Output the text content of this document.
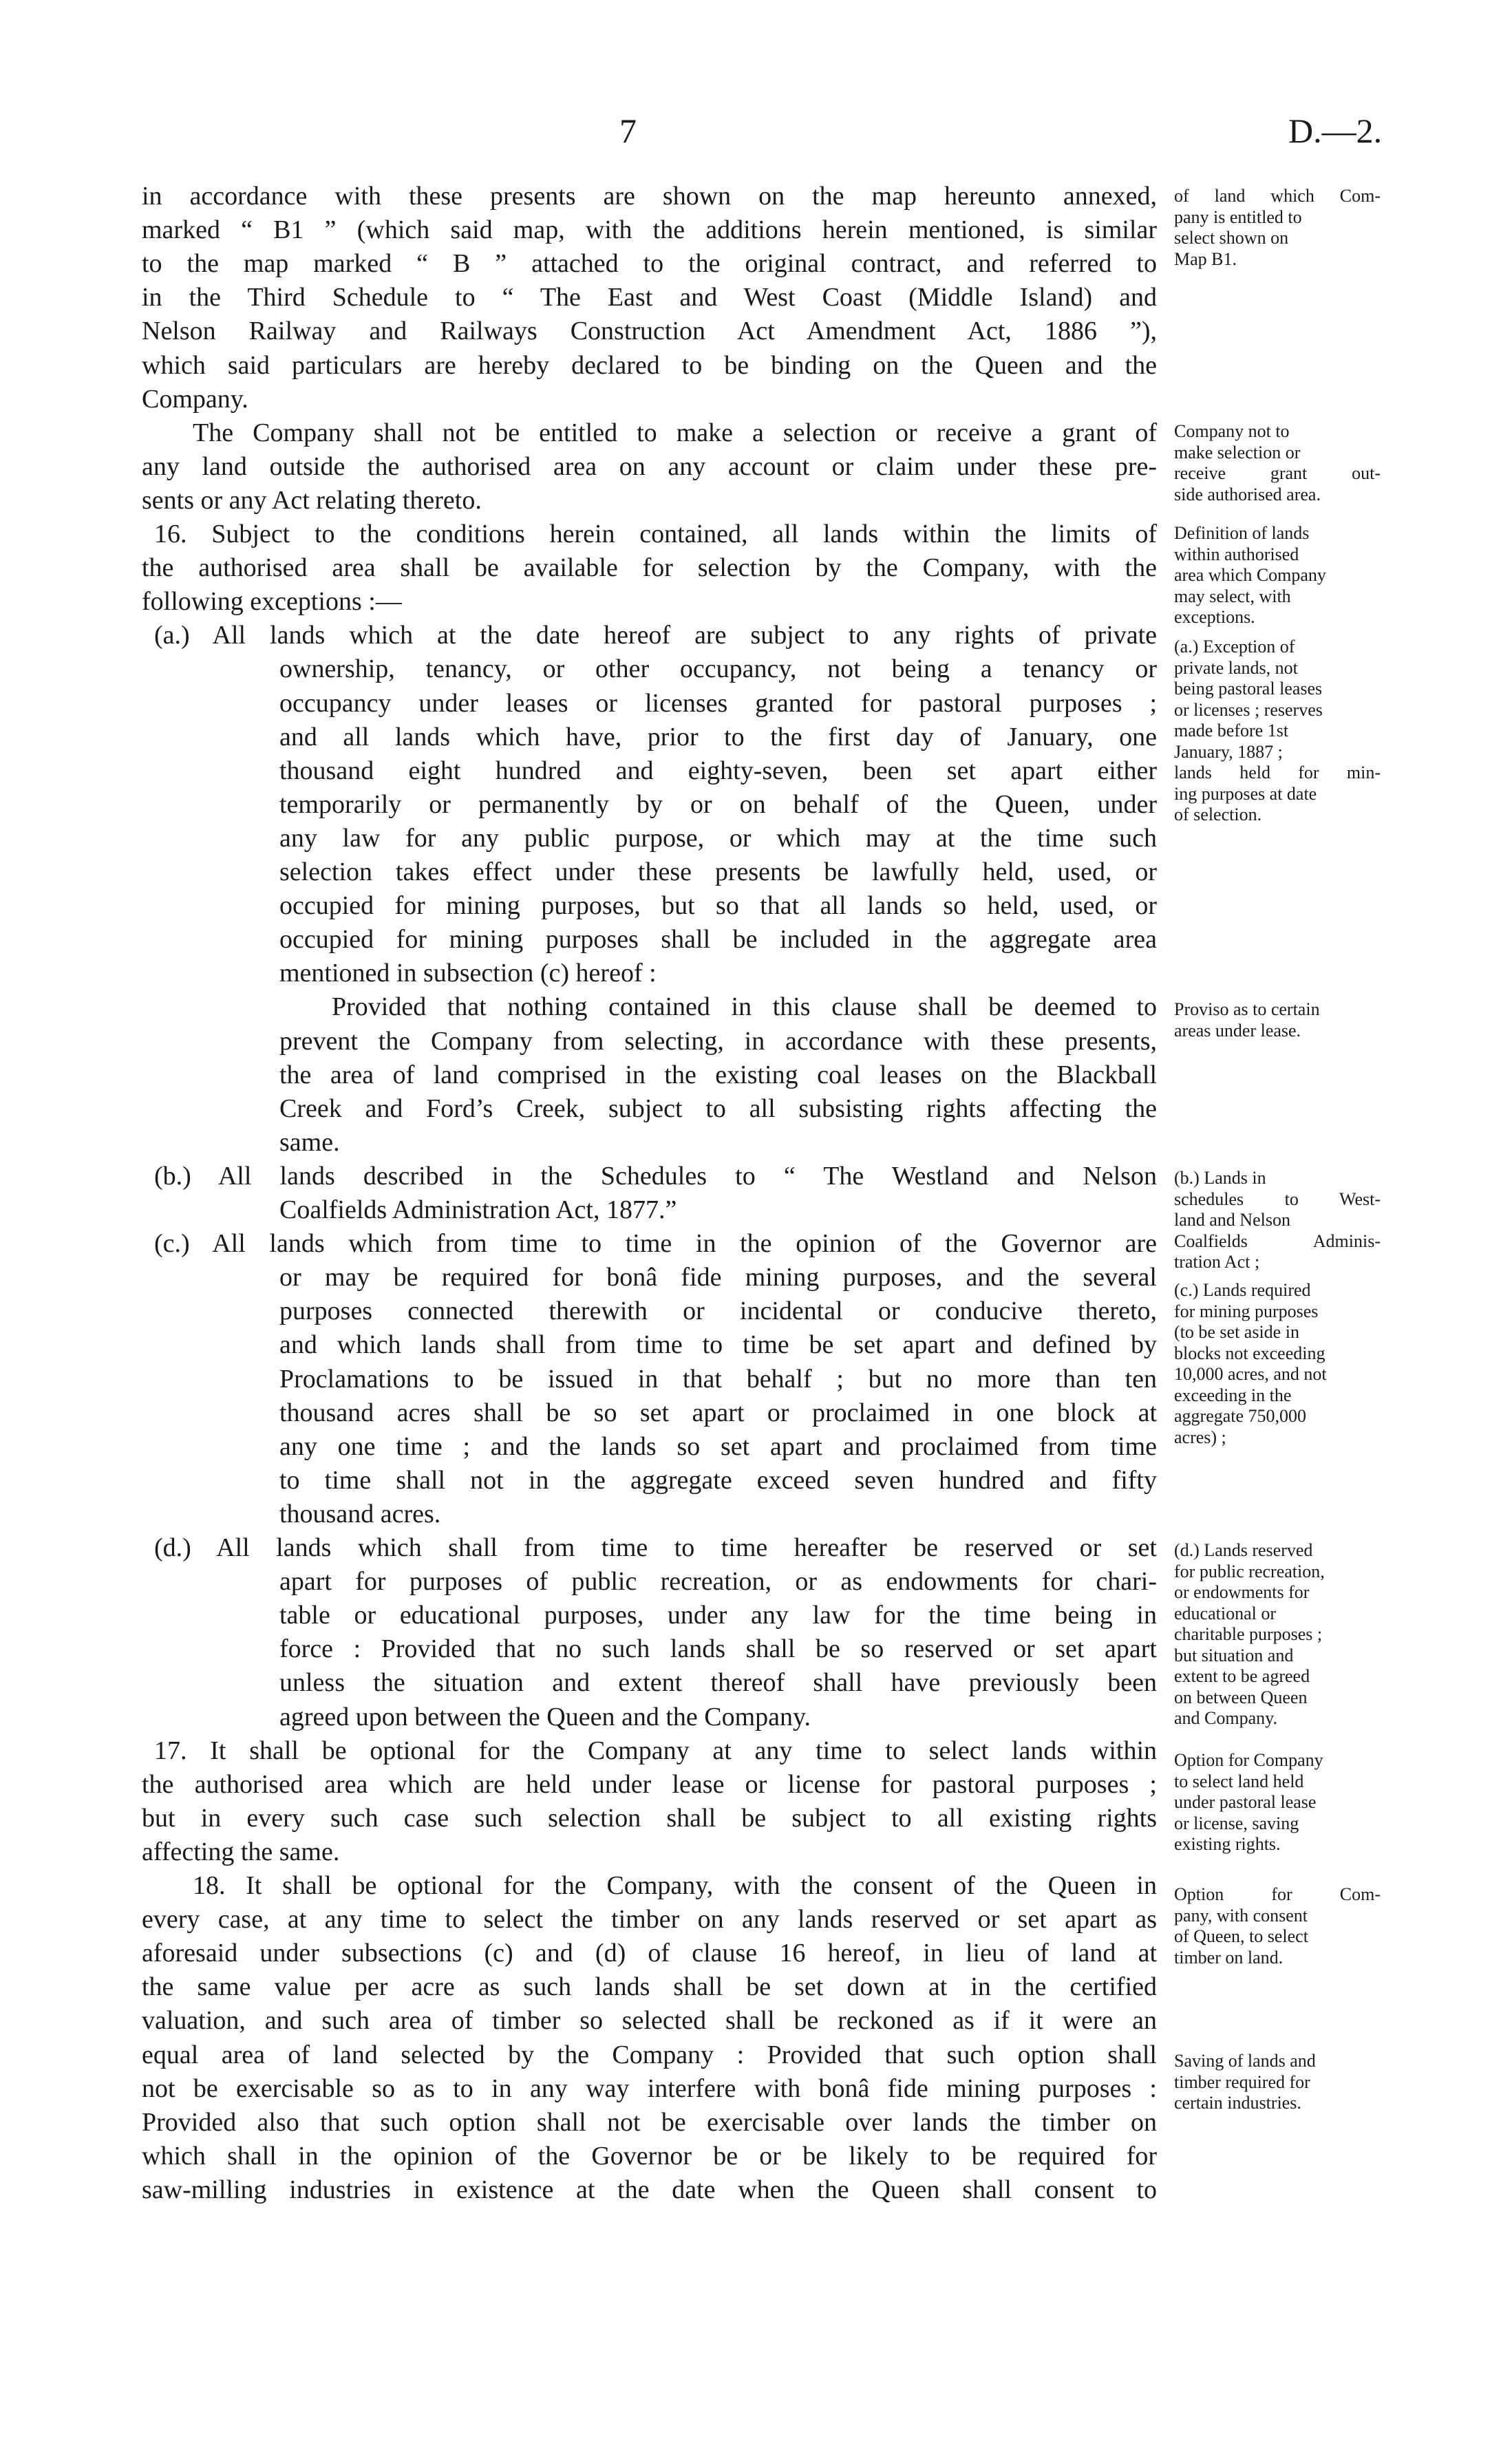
7	D.—2.
in accordance with these presents are shown on the map hereunto annexed,
marked “ B1 ” (which said map, with the additions herein mentioned, is similar
to the map marked “ B ” attached to the original contract, and referred to
in the Third Schedule to “ The East and West Coast (Middle Island) and
Nelson Railway and Railways Construction Act Amendment Act, 1886 ”),
which said particulars are hereby declared to be binding on the Queen and the
Company.
The Company shall not be entitled to make a selection or receive a grant of
any land outside the authorised area on any account or claim under these pre-
sents or any Act relating thereto.
16. Subject to the conditions herein contained, all lands within the limits of
the authorised area shall be available for selection by the Company, with the
following exceptions :—
(a.) All lands which at the date hereof are subject to any rights of private
ownership, tenancy, or other occupancy, not being a tenancy or
occupancy under leases or licenses granted for pastoral purposes ;
and all lands which have, prior to the first day of January, one
thousand eight hundred and eighty-seven, been set apart either
temporarily or permanently by or on behalf of the Queen, under
any law for any public purpose, or which may at the time such
selection takes effect under these presents be lawfully held, used, or
occupied for mining purposes, but so that all lands so held, used, or
occupied for mining purposes shall be included in the aggregate area
mentioned in subsection (c) hereof :
Provided that nothing contained in this clause shall be deemed to
prevent the Company from selecting, in accordance with these presents,
the area of land comprised in the existing coal leases on the Blackball
Creek and Ford’s Creek, subject to all subsisting rights affecting the
same.
(b.) All lands described in the Schedules to “ The Westland and Nelson
Coalfields Administration Act, 1877.”
(c.) All lands which from time to time in the opinion of the Governor are
or may be required for bonâ fide mining purposes, and the several
purposes connected therewith or incidental or conducive thereto,
and which lands shall from time to time be set apart and defined by
Proclamations to be issued in that behalf ; but no more than ten
thousand acres shall be so set apart or proclaimed in one block at
any one time ; and the lands so set apart and proclaimed from time
to time shall not in the aggregate exceed seven hundred and fifty
thousand acres.
(d.) All lands which shall from time to time hereafter be reserved or set
apart for purposes of public recreation, or as endowments for chari-
table or educational purposes, under any law for the time being in
force : Provided that no such lands shall be so reserved or set apart
unless the situation and extent thereof shall have previously been
agreed upon between the Queen and the Company.
17. It shall be optional for the Company at any time to select lands within
the authorised area which are held under lease or license for pastoral purposes ;
but in every such case such selection shall be subject to all existing rights
affecting the same.
18. It shall be optional for the Company, with the consent of the Queen in
every case, at any time to select the timber on any lands reserved or set apart as
aforesaid under subsections (c) and (d) of clause 16 hereof, in lieu of land at
the same value per acre as such lands shall be set down at in the certified
valuation, and such area of timber so selected shall be reckoned as if it were an
equal area of land selected by the Company : Provided that such option shall
not be exercisable so as to in any way interfere with bonâ fide mining purposes :
Provided also that such option shall not be exercisable over lands the timber on
which shall in the opinion of the Governor be or be likely to be required for
saw-milling industries in existence at the date when the Queen shall consent to
of land which Com-
pany is entitled to
select shown on
Map B1.
Company not to
make selection or
receive grant out-
side authorised area.
Definition of lands
within authorised
area which Company
may select, with
exceptions.
(a.) Exception of
private lands, not
being pastoral leases
or licenses ; reserves
made before 1st
January, 1887 ;
lands held for min-
ing purposes at date
of selection.
Proviso as to certain
areas under lease.
(b.) Lands in
schedules to West-
land and Nelson
Coalfields Adminis-
tration Act ;
(c.) Lands required
for mining purposes
(to be set aside in
blocks not exceeding
10,000 acres, and not
exceeding in the
aggregate 750,000
acres) ;
(d.) Lands reserved
for public recreation,
or endowments for
educational or
charitable purposes ;
but situation and
extent to be agreed
on between Queen
and Company.
Option for Company
to select land held
under pastoral lease
or license, saving
existing rights.
Option for Com-
pany, with consent
of Queen, to select
timber on land.
Saving of lands and
timber required for
certain industries.
